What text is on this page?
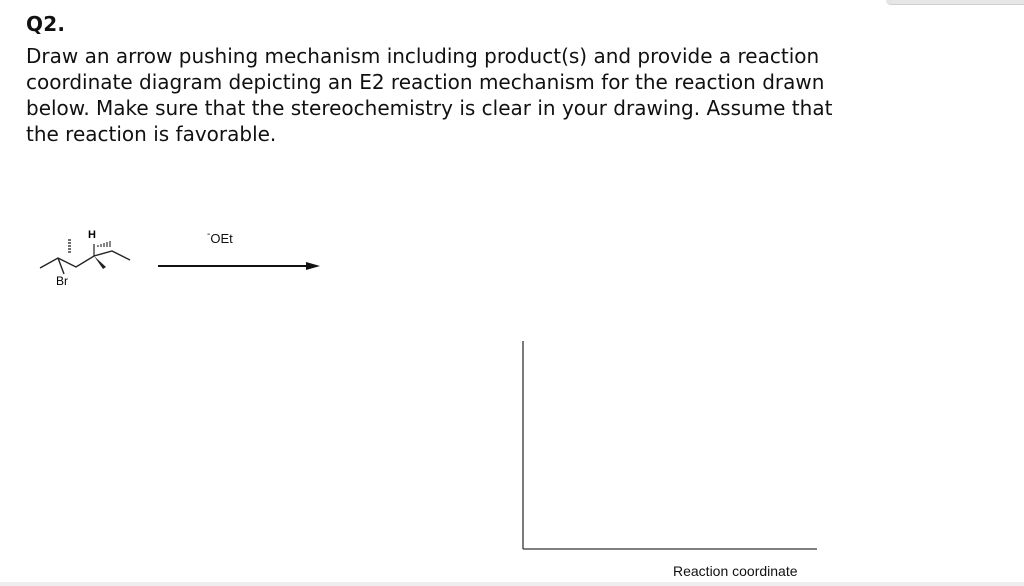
Q2.
Draw an arrow pushing mechanism including product(s) and provide a reaction coordinate diagram depicting an E2 reaction mechanism for the reaction drawn below. Make sure that the stereochemistry is clear in your drawing. Assume that the reaction is favorable.
H
Br
-OEt
Reaction coordinate
